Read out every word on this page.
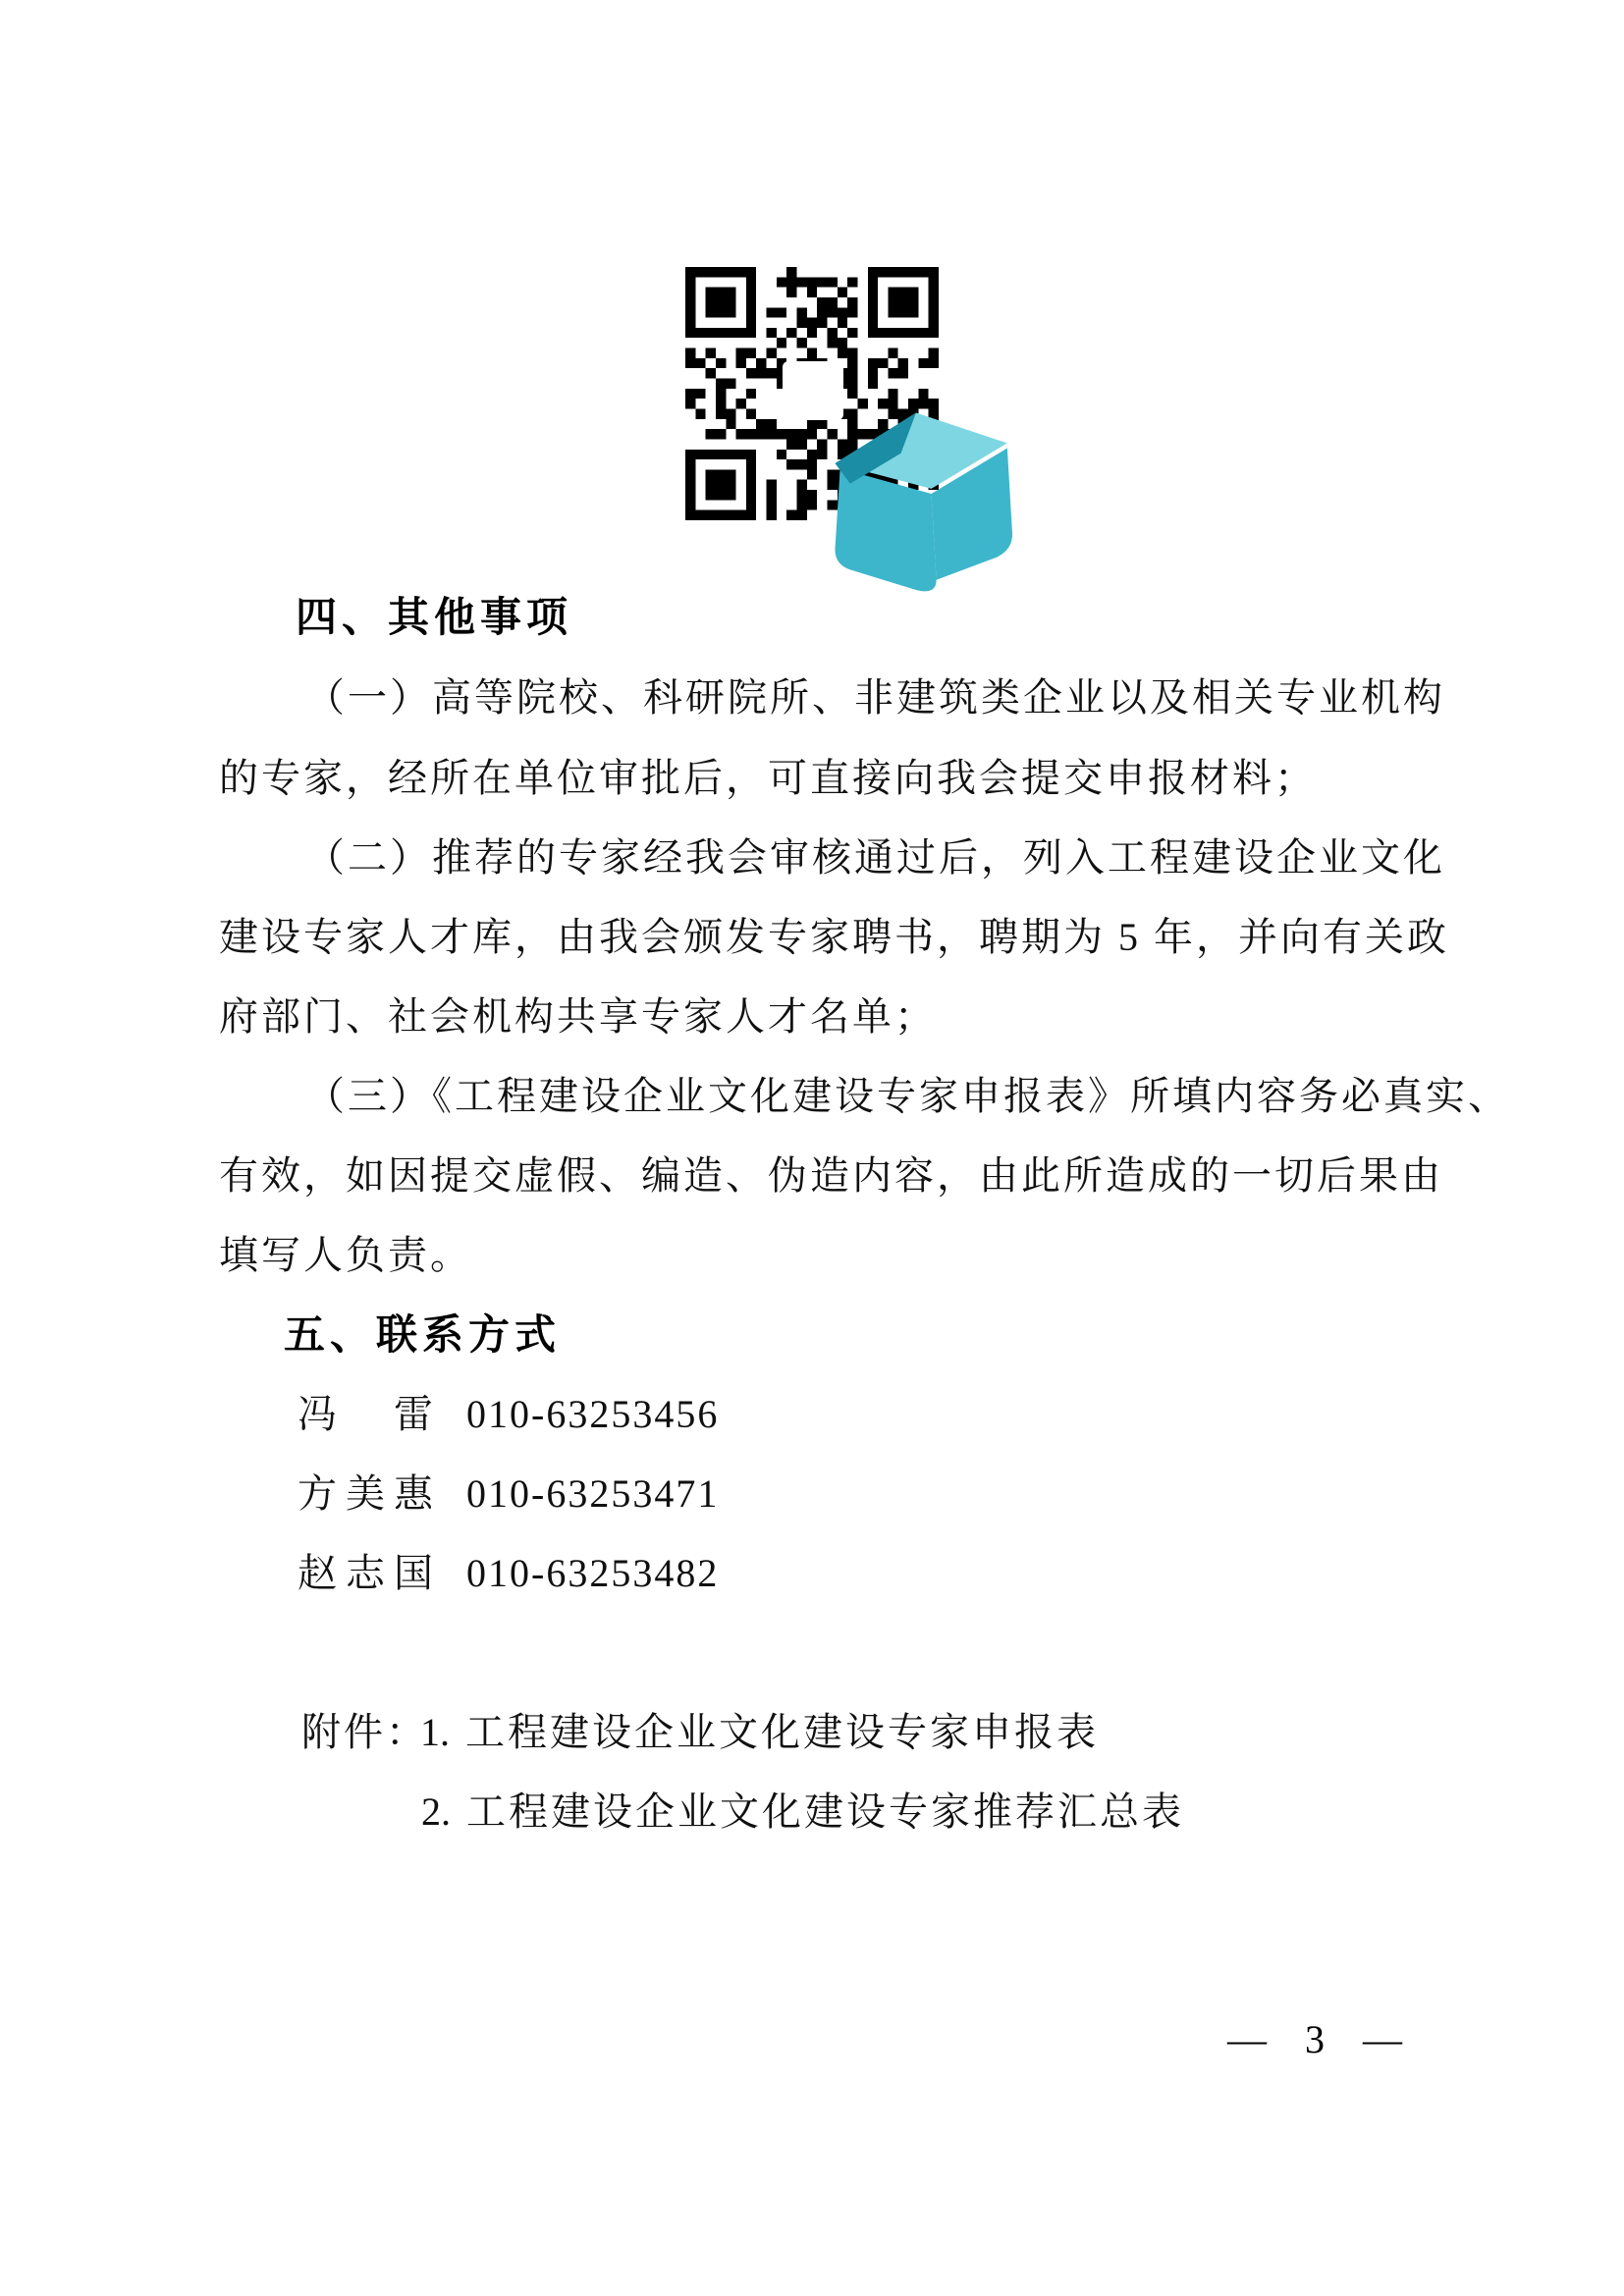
四、其他事项
（一）高等院校、科研院所、非建筑类企业以及相关专业机构
的专家，经所在单位审批后，可直接向我会提交申报材料；
（二）推荐的专家经我会审核通过后，列入工程建设企业文化
建设专家人才库，由我会颁发专家聘书，聘期为 5 年，并向有关政
府部门、社会机构共享专家人才名单；
（三）《工程建设企业文化建设专家申报表》所填内容务必真实、
有效，如因提交虚假、编造、伪造内容，由此所造成的一切后果由
填写人负责。
五、联系方式
冯 雷 010-63253456
方 美 惠 010-63253471
赵 志 国 010-63253482
附件：1. 工程建设企业文化建设专家申报表
2. 工程建设企业文化建设专家推荐汇总表
— 3 —
